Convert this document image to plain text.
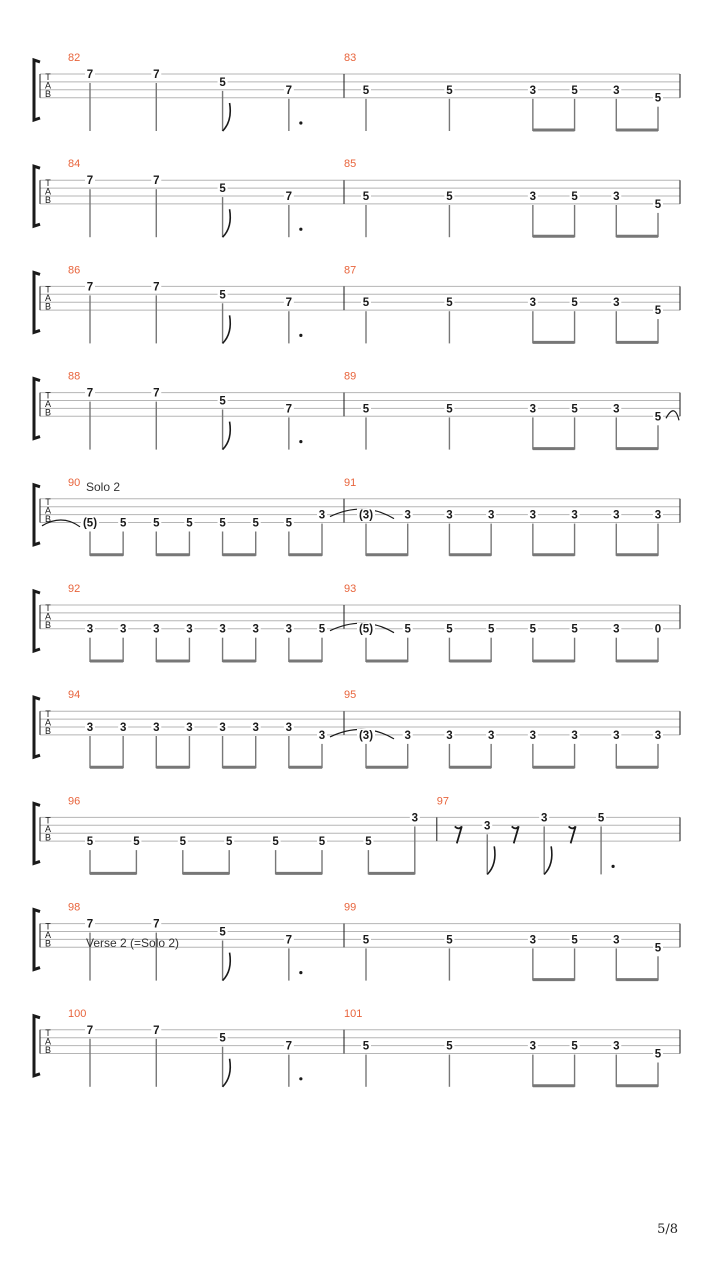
T
A
B
82
7	7
5
7
83
5	5	3	5	3
5
T
A
B
84
7	7
5
7
85
5	5	3	5	3
5
T
A
B
86
7	7
5
7
87
5	5	3	5	3
5
T
A
B
88
7	7
5
7
89
5	5	3	5	3
5
T
A
B
90
(5) 5 5 5 5 5 5
3
91
(3)	3	3	3	3	3	3	3
T
A
B
92
3 3 3 3 3 3 3 5
93
(5)	5	5	5	5	5	3	0
T
A
B
94
3 3 3 3 3 3 3
3
95
(3)	3	3	3	3	3	3	3
T
A
B
96
5	5	5	5	5	5	5
3
97
3
3	5
T
A
B
98
7	7
5
7
99
5	5	3	5	3
5
T
A
B
100
7	7
5
7
101
5	5	3	5	3
5
Solo 2
Verse 2 (=Solo 2)
5/8
